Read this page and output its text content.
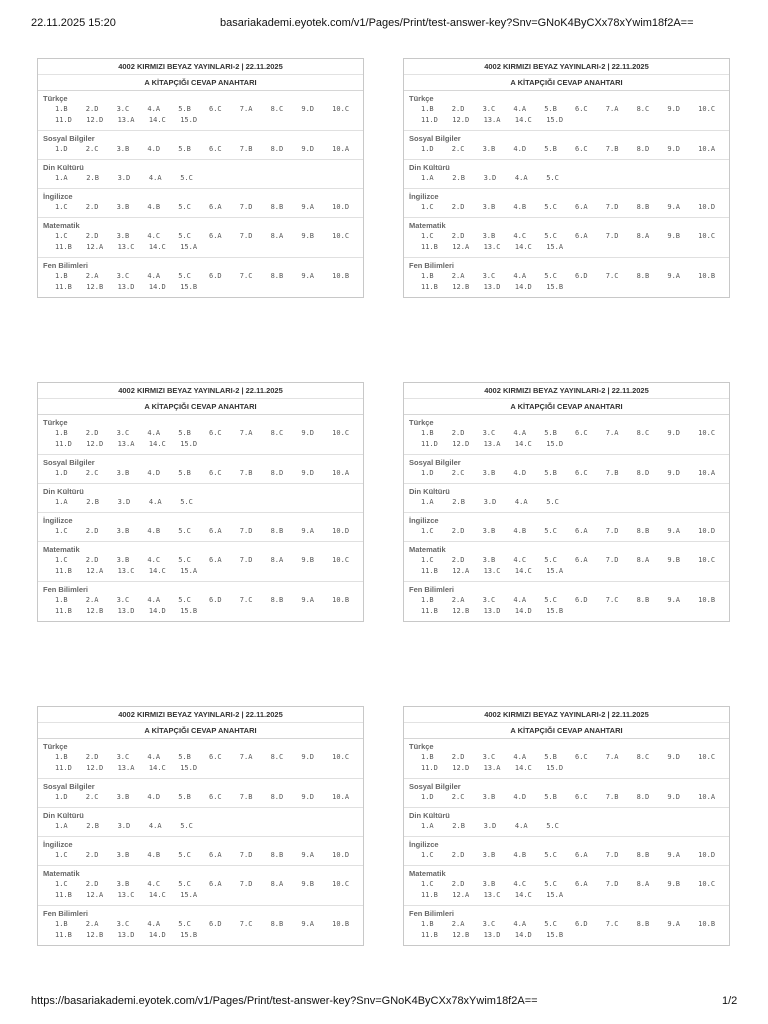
22.11.2025 15:20	basariakademi.eyotek.com/v1/Pages/Print/test-answer-key?Snv=GNoK4ByCXx78xYwim18f2A==
4002 KIRMIZI BEYAZ YAYINLARI-2 | 22.11.2025
A KİTAPÇIĞI CEVAP ANAHTARI
Türkçe
1.B	2.D	3.C	4.A	5.B	6.C	7.A	8.C	9.D	10.C
11.D	12.D	13.A	14.C	15.D
Sosyal Bilgiler
1.D	2.C	3.B	4.D	5.B	6.C	7.B	8.D	9.D	10.A
Din Kültürü
1.A	2.B	3.D	4.A	5.C
İngilizce
1.C	2.D	3.B	4.B	5.C	6.A	7.D	8.B	9.A	10.D
Matematik
1.C	2.D	3.B	4.C	5.C	6.A	7.D	8.A	9.B	10.C
11.B	12.A	13.C	14.C	15.A
Fen Bilimleri
1.B	2.A	3.C	4.A	5.C	6.D	7.C	8.B	9.A	10.B
11.B	12.B	13.D	14.D	15.B
4002 KIRMIZI BEYAZ YAYINLARI-2 | 22.11.2025
A KİTAPÇIĞI CEVAP ANAHTARI
Türkçe
1.B	2.D	3.C	4.A	5.B	6.C	7.A	8.C	9.D	10.C
11.D	12.D	13.A	14.C	15.D
Sosyal Bilgiler
1.D	2.C	3.B	4.D	5.B	6.C	7.B	8.D	9.D	10.A
Din Kültürü
1.A	2.B	3.D	4.A	5.C
İngilizce
1.C	2.D	3.B	4.B	5.C	6.A	7.D	8.B	9.A	10.D
Matematik
1.C	2.D	3.B	4.C	5.C	6.A	7.D	8.A	9.B	10.C
11.B	12.A	13.C	14.C	15.A
Fen Bilimleri
1.B	2.A	3.C	4.A	5.C	6.D	7.C	8.B	9.A	10.B
11.B	12.B	13.D	14.D	15.B
4002 KIRMIZI BEYAZ YAYINLARI-2 | 22.11.2025
A KİTAPÇIĞI CEVAP ANAHTARI
Türkçe
1.B	2.D	3.C	4.A	5.B	6.C	7.A	8.C	9.D	10.C
11.D	12.D	13.A	14.C	15.D
Sosyal Bilgiler
1.D	2.C	3.B	4.D	5.B	6.C	7.B	8.D	9.D	10.A
Din Kültürü
1.A	2.B	3.D	4.A	5.C
İngilizce
1.C	2.D	3.B	4.B	5.C	6.A	7.D	8.B	9.A	10.D
Matematik
1.C	2.D	3.B	4.C	5.C	6.A	7.D	8.A	9.B	10.C
11.B	12.A	13.C	14.C	15.A
Fen Bilimleri
1.B	2.A	3.C	4.A	5.C	6.D	7.C	8.B	9.A	10.B
11.B	12.B	13.D	14.D	15.B
4002 KIRMIZI BEYAZ YAYINLARI-2 | 22.11.2025
A KİTAPÇIĞI CEVAP ANAHTARI
Türkçe
1.B	2.D	3.C	4.A	5.B	6.C	7.A	8.C	9.D	10.C
11.D	12.D	13.A	14.C	15.D
Sosyal Bilgiler
1.D	2.C	3.B	4.D	5.B	6.C	7.B	8.D	9.D	10.A
Din Kültürü
1.A	2.B	3.D	4.A	5.C
İngilizce
1.C	2.D	3.B	4.B	5.C	6.A	7.D	8.B	9.A	10.D
Matematik
1.C	2.D	3.B	4.C	5.C	6.A	7.D	8.A	9.B	10.C
11.B	12.A	13.C	14.C	15.A
Fen Bilimleri
1.B	2.A	3.C	4.A	5.C	6.D	7.C	8.B	9.A	10.B
11.B	12.B	13.D	14.D	15.B
4002 KIRMIZI BEYAZ YAYINLARI-2 | 22.11.2025
A KİTAPÇIĞI CEVAP ANAHTARI
Türkçe
1.B	2.D	3.C	4.A	5.B	6.C	7.A	8.C	9.D	10.C
11.D	12.D	13.A	14.C	15.D
Sosyal Bilgiler
1.D	2.C	3.B	4.D	5.B	6.C	7.B	8.D	9.D	10.A
Din Kültürü
1.A	2.B	3.D	4.A	5.C
İngilizce
1.C	2.D	3.B	4.B	5.C	6.A	7.D	8.B	9.A	10.D
Matematik
1.C	2.D	3.B	4.C	5.C	6.A	7.D	8.A	9.B	10.C
11.B	12.A	13.C	14.C	15.A
Fen Bilimleri
1.B	2.A	3.C	4.A	5.C	6.D	7.C	8.B	9.A	10.B
11.B	12.B	13.D	14.D	15.B
4002 KIRMIZI BEYAZ YAYINLARI-2 | 22.11.2025
A KİTAPÇIĞI CEVAP ANAHTARI
Türkçe
1.B	2.D	3.C	4.A	5.B	6.C	7.A	8.C	9.D	10.C
11.D	12.D	13.A	14.C	15.D
Sosyal Bilgiler
1.D	2.C	3.B	4.D	5.B	6.C	7.B	8.D	9.D	10.A
Din Kültürü
1.A	2.B	3.D	4.A	5.C
İngilizce
1.C	2.D	3.B	4.B	5.C	6.A	7.D	8.B	9.A	10.D
Matematik
1.C	2.D	3.B	4.C	5.C	6.A	7.D	8.A	9.B	10.C
11.B	12.A	13.C	14.C	15.A
Fen Bilimleri
1.B	2.A	3.C	4.A	5.C	6.D	7.C	8.B	9.A	10.B
11.B	12.B	13.D	14.D	15.B
https://basariakademi.eyotek.com/v1/Pages/Print/test-answer-key?Snv=GNoK4ByCXx78xYwim18f2A==	1/2
